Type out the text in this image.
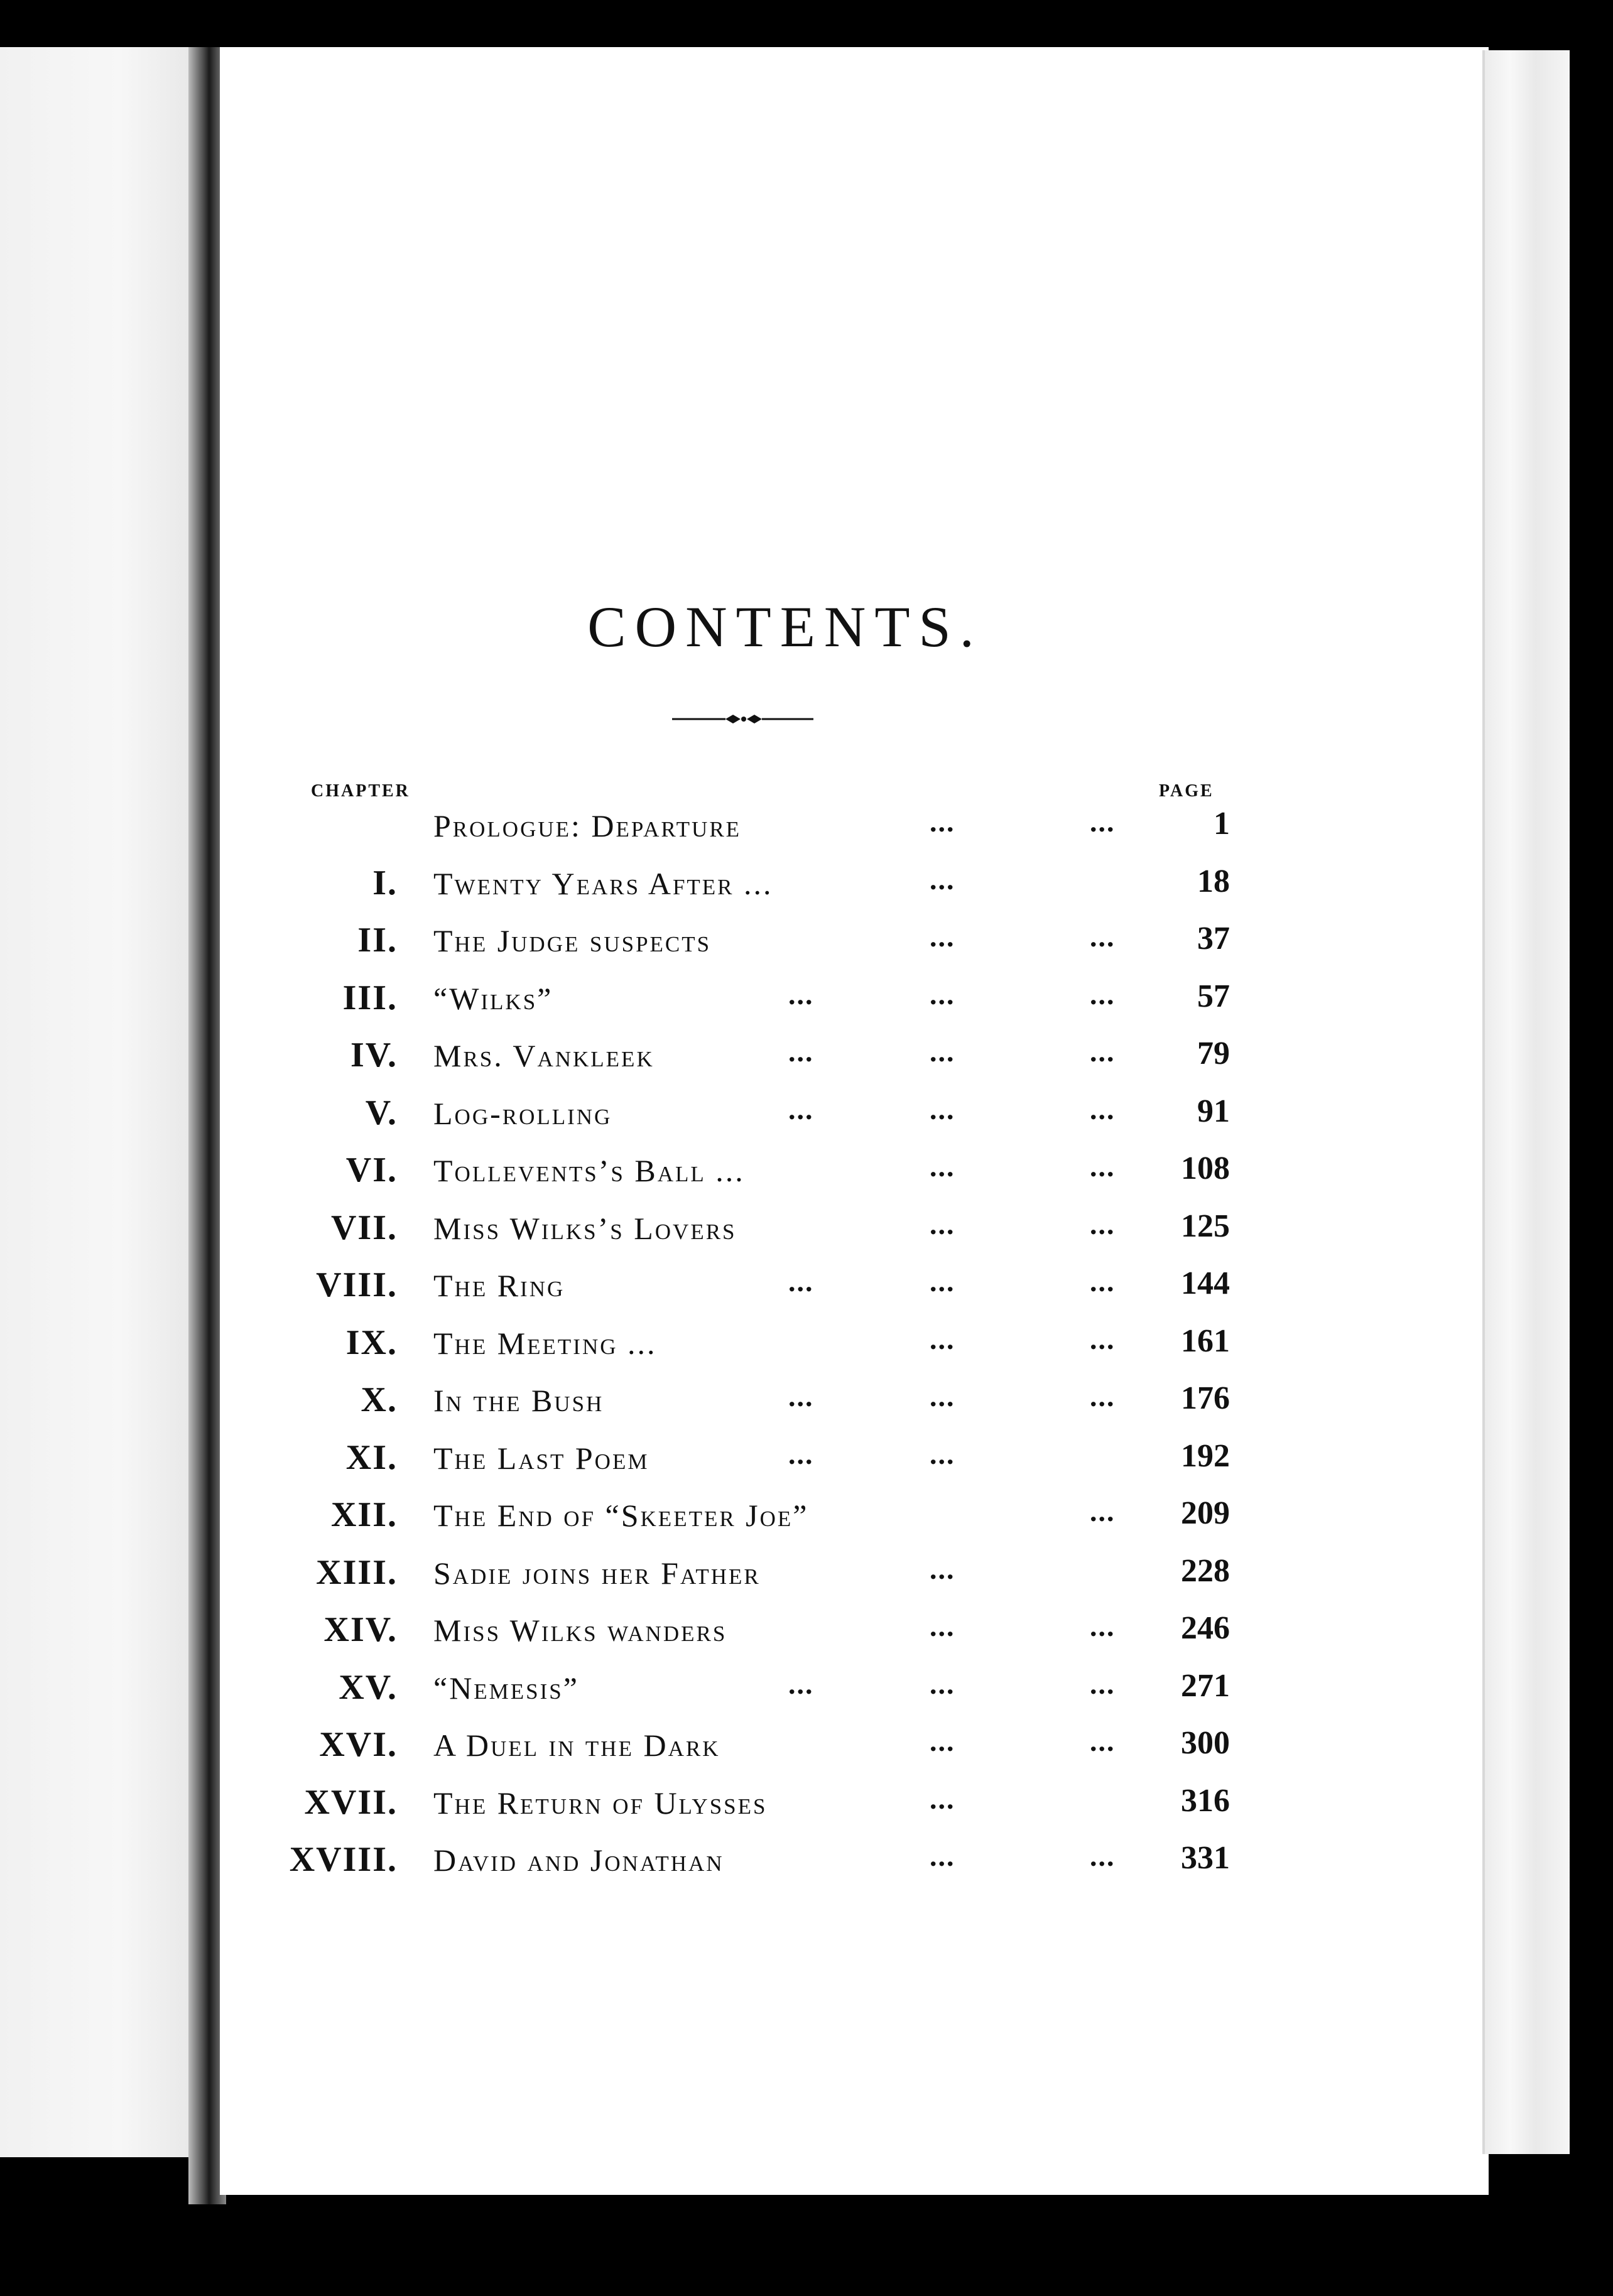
CONTENTS.
CHAPTER	PAGE
Prologue: Departure	...	...	1
I. Twenty Years After ...	...	18
II. The Judge suspects	...	...	37
III. “Wilks”	...	...	...	57
IV. Mrs. Vankleek	...	...	...	79
V. Log-rolling	...	...	...	91
VI. Tollevents’s Ball ...	...	... 108
VII. Miss Wilks’s Lovers	...	... 125
VIII. The Ring	...	...	... 144
IX. The Meeting ...	...	... 161
X. In the Bush	...	...	... 176
XI. The Last Poem	...	...	192
XII. The End of “Skeeter Joe”	... 209
XIII. Sadie joins her Father	...	228
XIV. Miss Wilks wanders	...	... 246
XV. “Nemesis”	...	...	... 271
XVI. A Duel in the Dark	...	... 300
XVII. The Return of Ulysses	...	316
XVIII. David and Jonathan	...	... 331
